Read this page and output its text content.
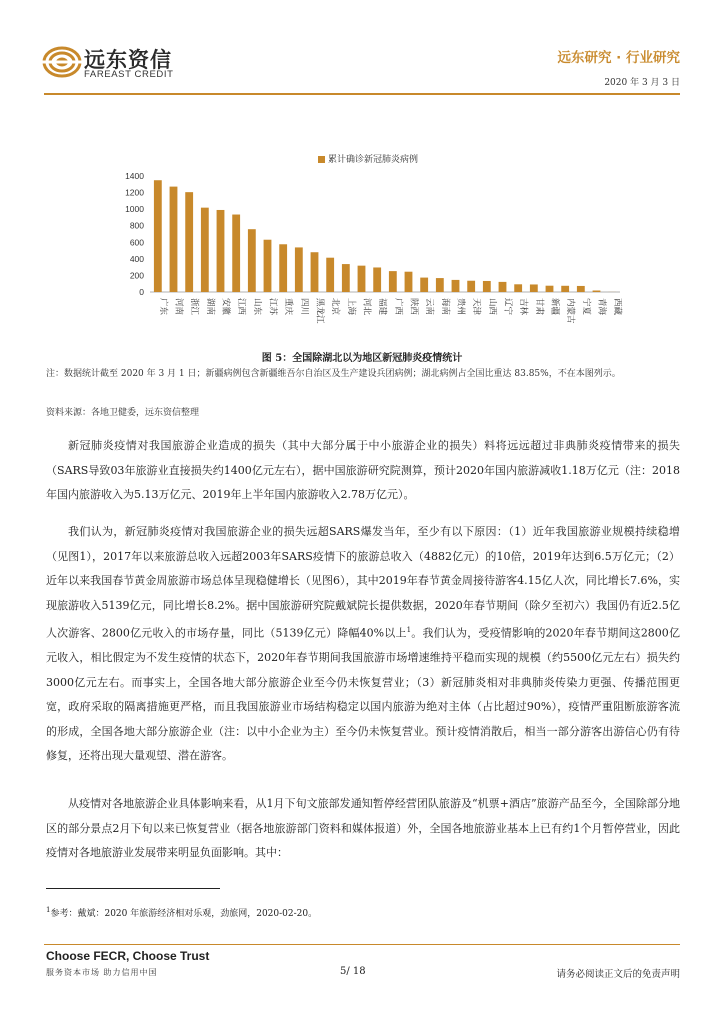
远东资信
FAREAST CREDIT
远东研究 · 行业研究
2020 年 3 月 3 日
累计确诊新冠肺炎病例
0
200
400
600
800
1000
1200
1400
广东 河南 浙江 湖南 安徽 江西 山东 江苏 重庆 四川 黑龙江 北京 上海 河北 福建 广西 陕西 云南 海南 贵州 天津 山西 辽宁 吉林 甘肃 新疆 内蒙古 宁夏 青海 西藏
图 5：全国除湖北以为地区新冠肺炎疫情统计
注：数据统计截至 2020 年 3 月 1 日；新疆病例包含新疆维吾尔自治区及生产建设兵团病例；湖北病例占全国比重达 83.85%，不在本图列示。
资料来源：各地卫健委，远东资信整理
新冠肺炎疫情对我国旅游企业造成的损失（其中大部分属于中小旅游企业的损失）料将远远超过非典肺炎疫情带来的损失（SARS导致03年旅游业直接损失约1400亿元左右），据中国旅游研究院测算，预计2020年国内旅游减收1.18万亿元（注：2018年国内旅游收入为5.13万亿元、2019年上半年国内旅游收入2.78万亿元）。
我们认为，新冠肺炎疫情对我国旅游企业的损失远超SARS爆发当年，至少有以下原因：（1）近年我国旅游业规模持续稳增（见图1），2017年以来旅游总收入远超2003年SARS疫情下的旅游总收入（4882亿元）的10倍，2019年达到6.5万亿元；（2）近年以来我国春节黄金周旅游市场总体呈现稳健增长（见图6），其中2019年春节黄金周接待游客4.15亿人次，同比增长7.6%，实现旅游收入5139亿元，同比增长8.2%。据中国旅游研究院戴斌院长提供数据，2020年春节期间（除夕至初六）我国仍有近2.5亿人次游客、2800亿元收入的市场存量，同比（5139亿元）降幅40%以上$^1$。我们认为，受疫情影响的2020年春节期间这2800亿元收入，相比假定为不发生疫情的状态下，2020年春节期间我国旅游市场增速维持平稳而实现的规模（约5500亿元左右）损失约3000亿元左右。而事实上，全国各地大部分旅游企业至今仍未恢复营业；（3）新冠肺炎相对非典肺炎传染力更强、传播范围更宽，政府采取的隔离措施更严格，而且我国旅游业市场结构稳定以国内旅游为绝对主体（占比超过90%），疫情严重阻断旅游客流的形成，全国各地大部分旅游企业（注：以中小企业为主）至今仍未恢复营业。预计疫情消散后，相当一部分游客出游信心仍有待修复，还将出现大量观望、潜在游客。
从疫情对各地旅游企业具体影响来看，从1月下旬文旅部发通知暂停经营团队旅游及“机票+酒店”旅游产品至今，全国除部分地区的部分景点2月下旬以来已恢复营业（据各地旅游部门资料和媒体报道）外，全国各地旅游业基本上已有约1个月暂停营业，因此疫情对各地旅游业发展带来明显负面影响。其中：
$^1$参考：戴斌：2020 年旅游经济相对乐观，劲旅网，2020-02-20。
Choose FECR, Choose Trust
服务资本市场 助力信用中国	5/ 18	请务必阅读正文后的免责声明
